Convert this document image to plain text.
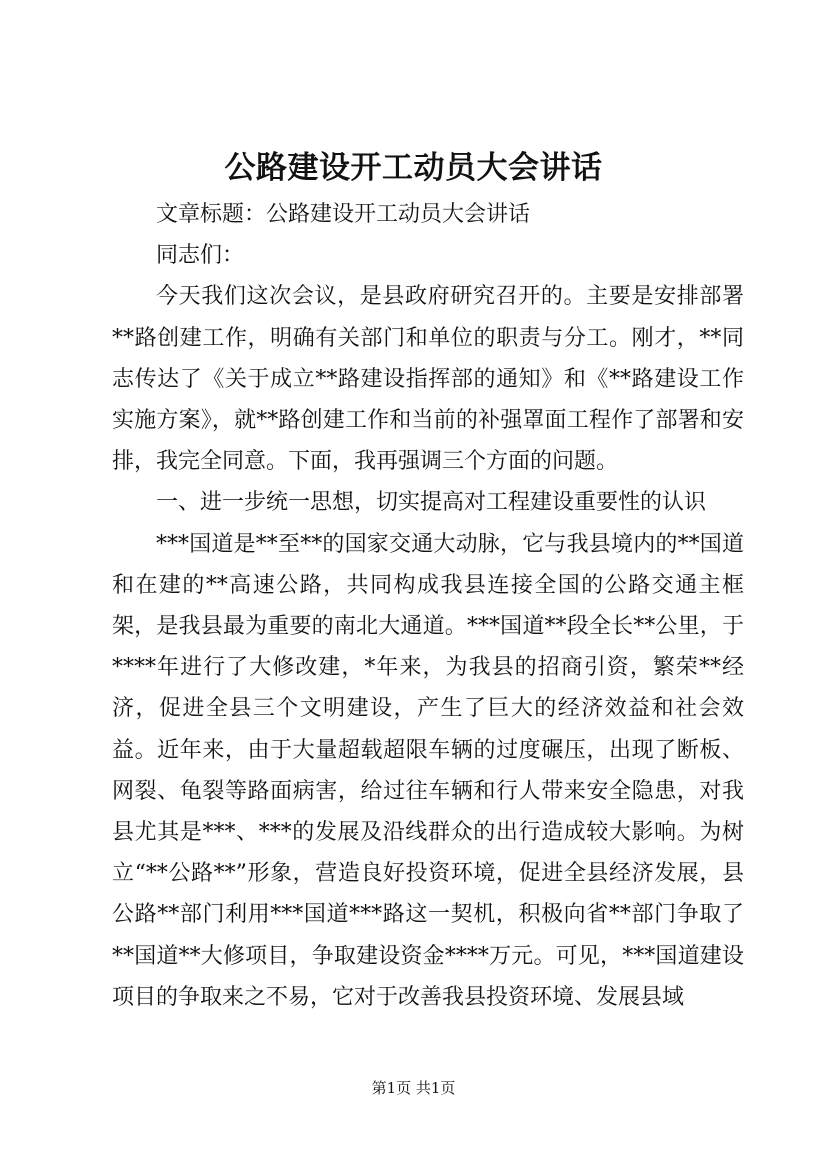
公路建设开工动员大会讲话

文章标题：公路建设开工动员大会讲话

同志们：

今天我们这次会议，是县政府研究召开的。主要是安排部署**路创建工作，明确有关部门和单位的职责与分工。刚才，**同志传达了《关于成立**路建设指挥部的通知》和《**路建设工作实施方案》，就**路创建工作和当前的补强罩面工程作了部署和安排，我完全同意。下面，我再强调三个方面的问题。

一、进一步统一思想，切实提高对工程建设重要性的认识

***国道是**至**的国家交通大动脉，它与我县境内的**国道和在建的**高速公路，共同构成我县连接全国的公路交通主框架，是我县最为重要的南北大通道。***国道**段全长**公里，于****年进行了大修改建，*年来，为我县的招商引资，繁荣**经济，促进全县三个文明建设，产生了巨大的经济效益和社会效益。近年来，由于大量超载超限车辆的过度碾压，出现了断板、网裂、龟裂等路面病害，给过往车辆和行人带来安全隐患，对我县尤其是***、***的发展及沿线群众的出行造成较大影响。为树立“**公路**”形象，营造良好投资环境，促进全县经济发展，县公路**部门利用***国道***路这一契机，积极向省**部门争取了**国道**大修项目，争取建设资金****万元。可见，***国道建设项目的争取来之不易，它对于改善我县投资环境、发展县域

第1页 共1页
